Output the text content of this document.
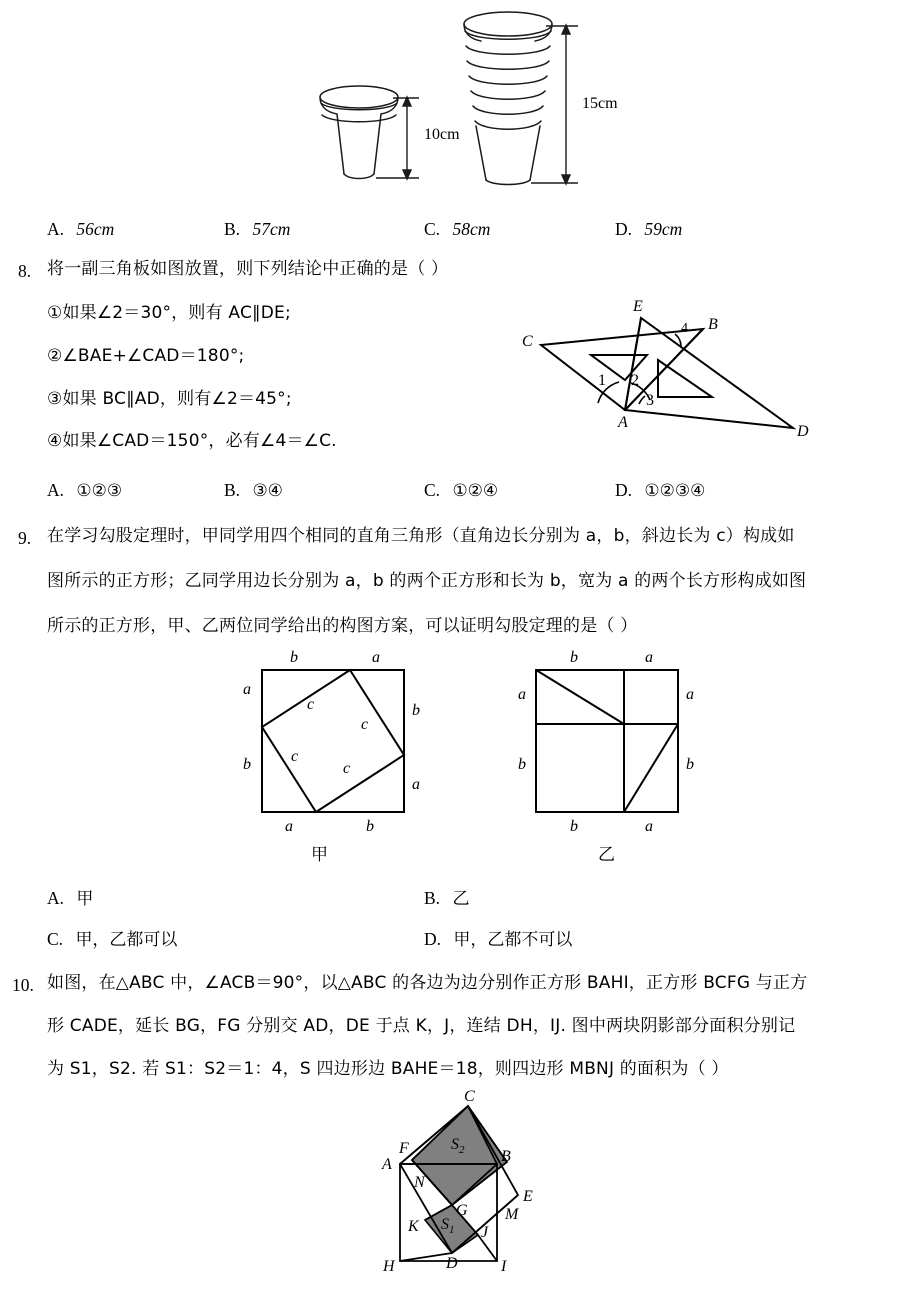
10cm
15cm
A. 56cm	B. 57cm	C. 58cm	D. 59cm
8. 将一副三角板如图放置，则下列结论中正确的是（ ）
①如果∠2＝30°，则有 AC∥DE;
②∠BAE+∠CAD＝180°;
③如果 BC∥AD，则有∠2＝45°;
④如果∠CAD＝150°，必有∠4＝∠C.
E
B
C
A
D
1 2
3
4
A. ①②③	B. ③④	C. ①②④	D. ①②③④
9. 在学习勾股定理时，甲同学用四个相同的直角三角形（直角边长分别为 a，b，斜边长为 c）构成如
图所示的正方形；乙同学用边长分别为 a，b 的两个正方形和长为 b，宽为 a 的两个长方形构成如图
所示的正方形，甲、乙两位同学给出的构图方案，可以证明勾股定理的是（ ）
b	a
b
a
a	b
a
b
c
c
c
c
甲
b	a
a
b
b	a
a
b
乙
A. 甲	B. 乙
C. 甲，乙都可以	D. 甲，乙都不可以
10. 如图，在△ABC 中，∠ACB＝90°，以△ABC 的各边为边分别作正方形 BAHI，正方形 BCFG 与正方
形 CADE，延长 BG，FG 分别交 AD，DE 于点 K，J，连结 DH，IJ. 图中两块阴影部分面积分别记
为 S1，S2. 若 S1：S2＝1：4，S 四边形边 BAHE＝18，则四边形 MBNJ 的面积为（ ）
C
F
A	B
N
G
E
M
K	J
D
H	I
$S_2$
$S_1$
